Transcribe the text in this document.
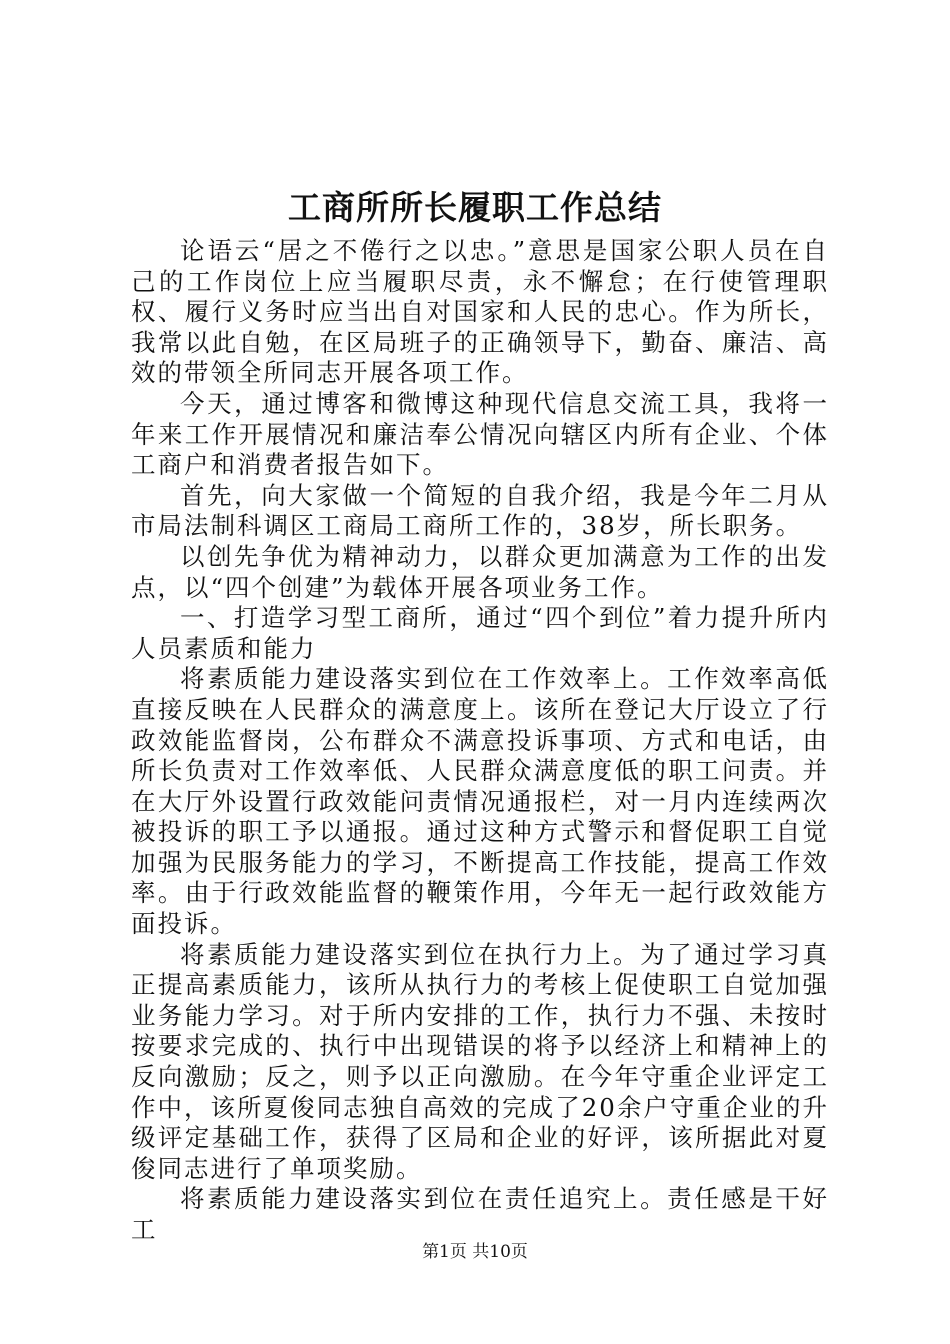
工商所所长履职工作总结

论语云“居之不倦行之以忠。”意思是国家公职人员在自己的工作岗位上应当履职尽责，永不懈怠；在行使管理职权、履行义务时应当出自对国家和人民的忠心。作为所长，我常以此自勉，在区局班子的正确领导下，勤奋、廉洁、高效的带领全所同志开展各项工作。

今天，通过博客和微博这种现代信息交流工具，我将一年来工作开展情况和廉洁奉公情况向辖区内所有企业、个体工商户和消费者报告如下。

首先，向大家做一个简短的自我介绍，我是今年二月从市局法制科调区工商局工商所工作的，38岁，所长职务。

以创先争优为精神动力，以群众更加满意为工作的出发点，以“四个创建”为载体开展各项业务工作。

一、打造学习型工商所，通过“四个到位”着力提升所内人员素质和能力

将素质能力建设落实到位在工作效率上。工作效率高低直接反映在人民群众的满意度上。该所在登记大厅设立了行政效能监督岗，公布群众不满意投诉事项、方式和电话，由所长负责对工作效率低、人民群众满意度低的职工问责。并在大厅外设置行政效能问责情况通报栏，对一月内连续两次被投诉的职工予以通报。通过这种方式警示和督促职工自觉加强为民服务能力的学习，不断提高工作技能，提高工作效率。由于行政效能监督的鞭策作用，今年无一起行政效能方面投诉。

将素质能力建设落实到位在执行力上。为了通过学习真正提高素质能力，该所从执行力的考核上促使职工自觉加强业务能力学习。对于所内安排的工作，执行力不强、未按时按要求完成的、执行中出现错误的将予以经济上和精神上的反向激励；反之，则予以正向激励。在今年守重企业评定工作中，该所夏俊同志独自高效的完成了20余户守重企业的升级评定基础工作，获得了区局和企业的好评，该所据此对夏俊同志进行了单项奖励。

将素质能力建设落实到位在责任追究上。责任感是干好工

第1页 共10页
